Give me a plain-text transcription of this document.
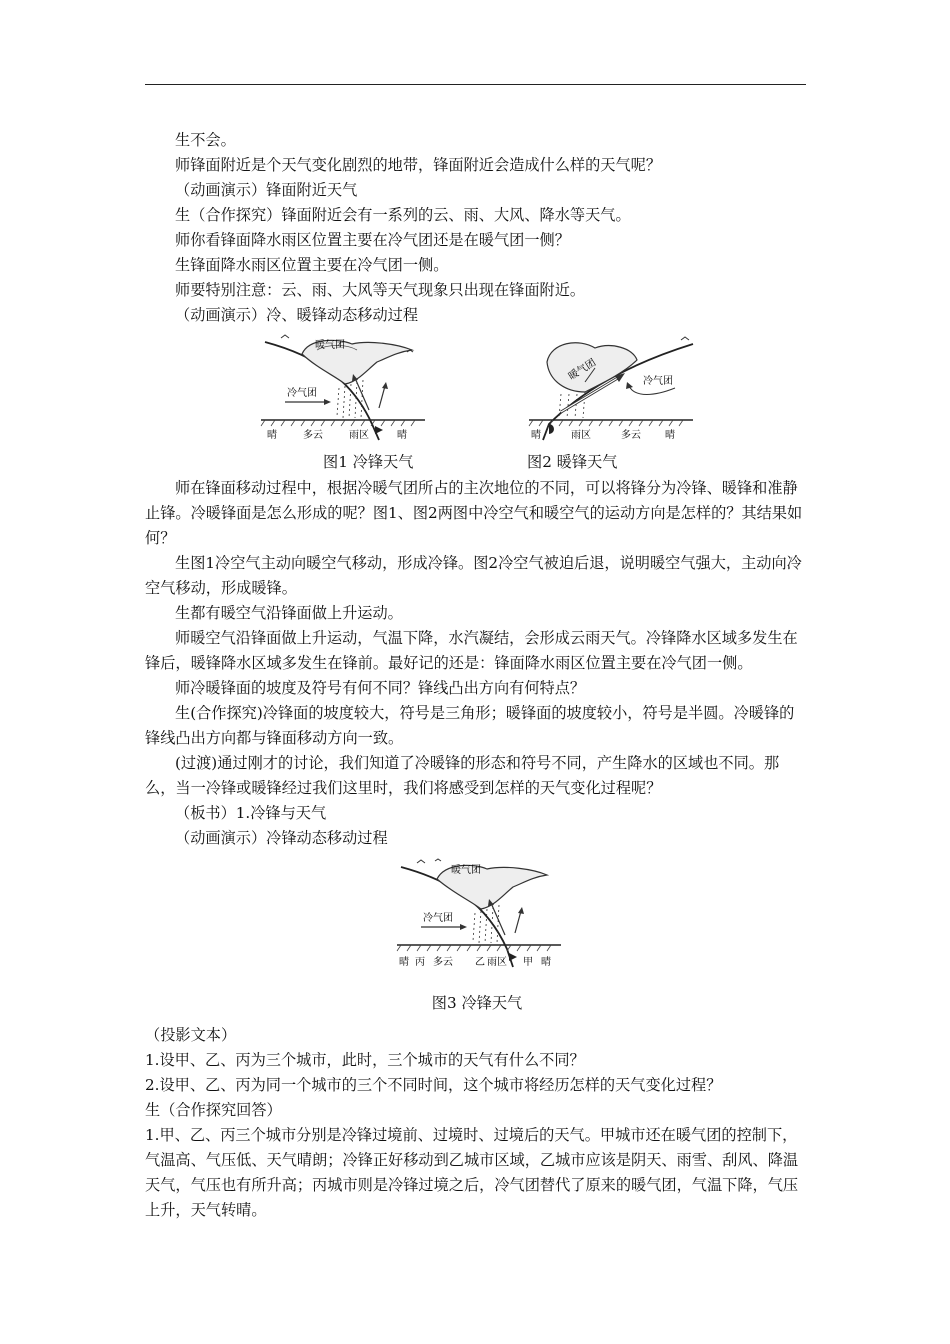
生不会。

师锋面附近是个天气变化剧烈的地带，锋面附近会造成什么样的天气呢？

（动画演示）锋面附近天气

生（合作探究）锋面附近会有一系列的云、雨、大风、降水等天气。

师你看锋面降水雨区位置主要在冷气团还是在暖气团一侧？

生锋面降水雨区位置主要在冷气团一侧。

师要特别注意：云、雨、大风等天气现象只出现在锋面附近。

（动画演示）冷、暖锋动态移动过程

暖气团
冷气团
晴	多云	雨区	晴
暖气团	冷气团
晴	雨区	多云 晴
图1 冷锋天气	图2 暖锋天气

师在锋面移动过程中，根据冷暖气团所占的主次地位的不同，可以将锋分为冷锋、暖锋和准静止锋。冷暖锋面是怎么形成的呢？图1、图2两图中冷空气和暖空气的运动方向是怎样的？其结果如何？

生图1冷空气主动向暖空气移动，形成冷锋。图2冷空气被迫后退，说明暖空气强大，主动向冷空气移动，形成暖锋。

生都有暖空气沿锋面做上升运动。

师暖空气沿锋面做上升运动，气温下降，水汽凝结，会形成云雨天气。冷锋降水区域多发生在锋后，暖锋降水区域多发生在锋前。最好记的还是：锋面降水雨区位置主要在冷气团一侧。

师冷暖锋面的坡度及符号有何不同？锋线凸出方向有何特点？

生(合作探究)冷锋面的坡度较大，符号是三角形；暖锋面的坡度较小，符号是半圆。冷暖锋的锋线凸出方向都与锋面移动方向一致。

(过渡)通过刚才的讨论，我们知道了冷暖锋的形态和符号不同，产生降水的区域也不同。那么，当一冷锋或暖锋经过我们这里时，我们将感受到怎样的天气变化过程呢？

（板书）1.冷锋与天气

（动画演示）冷锋动态移动过程

暖气团
冷气团
晴 丙 多云 乙 雨区 甲 晴
图3 冷锋天气

（投影文本）

1.设甲、乙、丙为三个城市，此时，三个城市的天气有什么不同？

2.设甲、乙、丙为同一个城市的三个不同时间，这个城市将经历怎样的天气变化过程？

生（合作探究回答）

1.甲、乙、丙三个城市分别是冷锋过境前、过境时、过境后的天气。甲城市还在暖气团的控制下，气温高、气压低、天气晴朗；冷锋正好移动到乙城市区域，乙城市应该是阴天、雨雪、刮风、降温天气，气压也有所升高；丙城市则是冷锋过境之后，冷气团替代了原来的暖气团，气温下降，气压上升，天气转晴。
